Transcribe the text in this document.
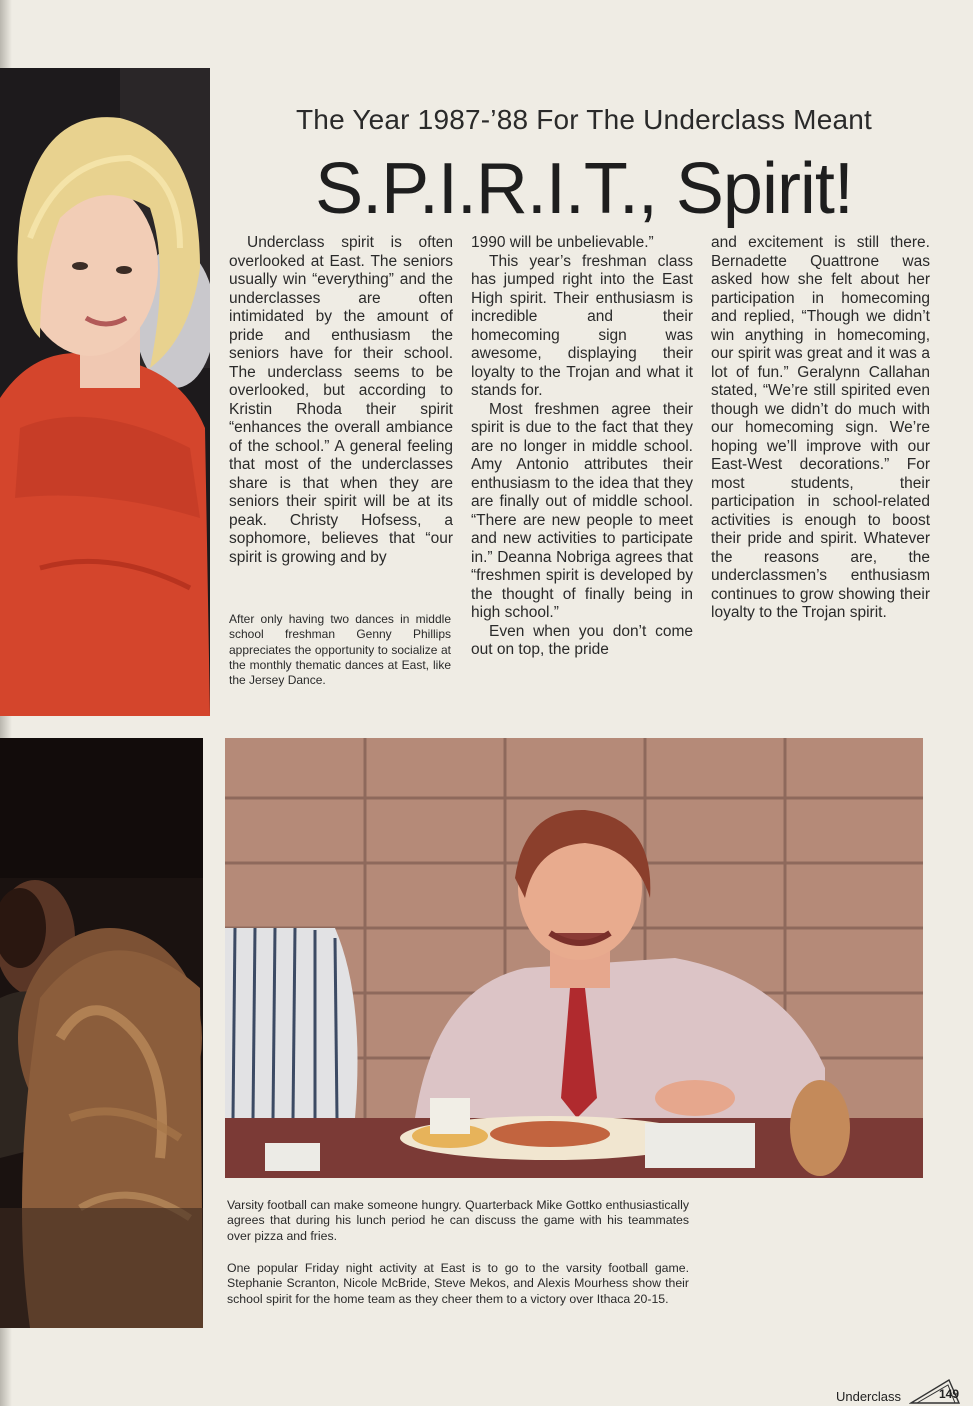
The Year 1987-’88 For The Underclass Meant
S.P.I.R.I.T., Spirit!

Underclass spirit is often overlooked at East. The seniors usually win “everything” and the underclasses are often intimidated by the amount of pride and enthusiasm the seniors have for their school. The underclass seems to be overlooked, but according to Kristin Rhoda their spirit “enhances the overall ambiance of the school.” A general feeling that most of the underclasses share is that when they are seniors their spirit will be at its peak. Christy Hofsess, a sophomore, believes that “our spirit is growing and by

1990 will be unbelievable.”

This year’s freshman class has jumped right into the East High spirit. Their enthusiasm is incredible and their homecoming sign was awesome, displaying their loyalty to the Trojan and what it stands for.

Most freshmen agree their spirit is due to the fact that they are no longer in middle school. Amy Antonio attributes their enthusiasm to the idea that they are finally out of middle school. “There are new people to meet and new activities to participate in.” Deanna Nobriga agrees that “freshmen spirit is developed by the thought of finally being in high school.”

Even when you don’t come out on top, the pride

and excitement is still there. Bernadette Quattrone was asked how she felt about her participation in homecoming and replied, “Though we didn’t win anything in homecoming, our spirit was great and it was a lot of fun.” Geralynn Callahan stated, “We’re still spirited even though we didn’t do much with our homecoming sign. We’re hoping we’ll improve with our East-West decorations.” For most students, their participation in school-related activities is enough to boost their pride and spirit. Whatever the reasons are, the underclassmen’s enthusiasm continues to grow showing their loyalty to the Trojan spirit.

After only having two dances in middle school freshman Genny Phillips appreciates the opportunity to socialize at the monthly thematic dances at East, like the Jersey Dance.

Varsity football can make someone hungry. Quarterback Mike Gottko enthusiastically agrees that during his lunch period he can discuss the game with his teammates over pizza and fries.

One popular Friday night activity at East is to go to the varsity football game. Stephanie Scranton, Nicole McBride, Steve Mekos, and Alexis Mourhess show their school spirit for the home team as they cheer them to a victory over Ithaca 20-15.

Underclass	149
